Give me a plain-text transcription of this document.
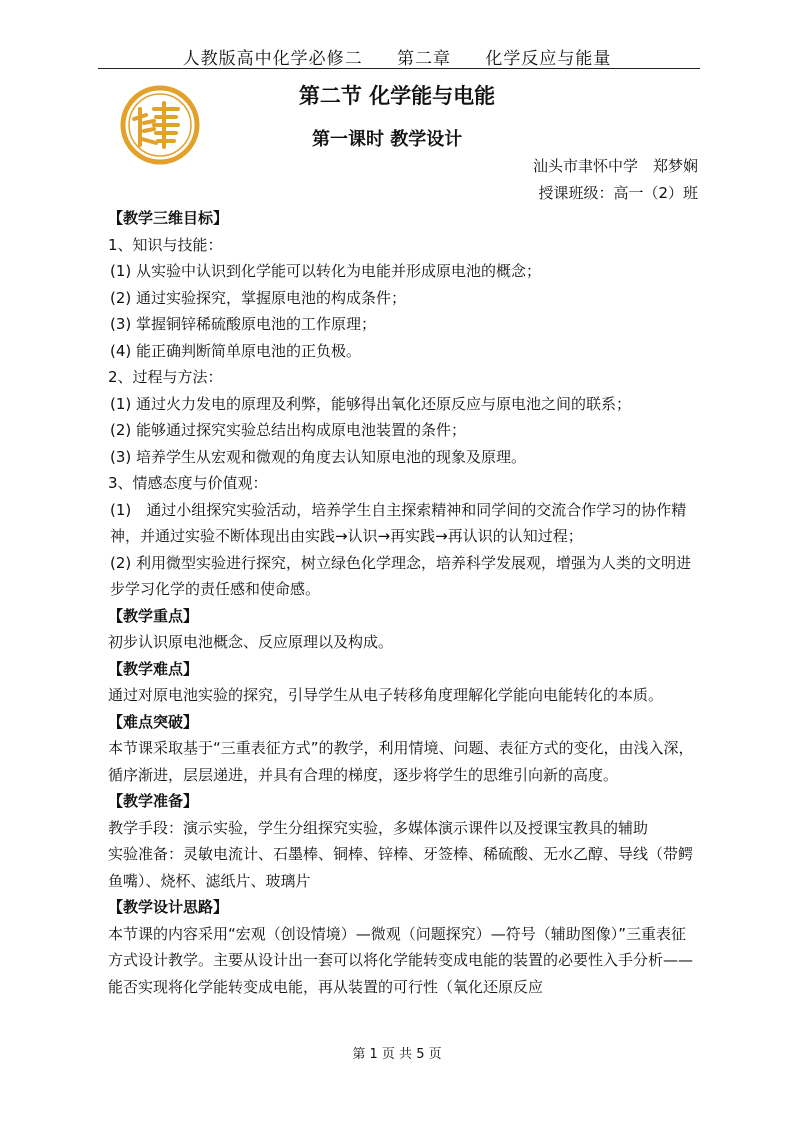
人教版高中化学必修二 第二章 化学反应与能量
第二节 化学能与电能
第一课时 教学设计
汕头市聿怀中学　郑梦娴
授课班级：高一（2）班

【教学三维目标】

1、知识与技能：

(1) 从实验中认识到化学能可以转化为电能并形成原电池的概念；

(2) 通过实验探究，掌握原电池的构成条件；

(3) 掌握铜锌稀硫酸原电池的工作原理；

(4) 能正确判断简单原电池的正负极。

2、过程与方法：

(1) 通过火力发电的原理及利弊，能够得出氧化还原反应与原电池之间的联系；

(2) 能够通过探究实验总结出构成原电池装置的条件；

(3) 培养学生从宏观和微观的角度去认知原电池的现象及原理。

3、情感态度与价值观：

(1)　通过小组探究实验活动，培养学生自主探索精神和同学间的交流合作学习的协作精神，并通过实验不断体现出由实践→认识→再实践→再认识的认知过程；

(2) 利用微型实验进行探究，树立绿色化学理念，培养科学发展观，增强为人类的文明进步学习化学的责任感和使命感。

【教学重点】

初步认识原电池概念、反应原理以及构成。

【教学难点】

通过对原电池实验的探究，引导学生从电子转移角度理解化学能向电能转化的本质。

【难点突破】

本节课采取基于“三重表征方式”的教学，利用情境、问题、表征方式的变化，由浅入深，循序渐进，层层递进，并具有合理的梯度，逐步将学生的思维引向新的高度。

【教学准备】

教学手段：演示实验，学生分组探究实验，多媒体演示课件以及授课宝教具的辅助

实验准备：灵敏电流计、石墨棒、铜棒、锌棒、牙签棒、稀硫酸、无水乙醇、导线（带鳄鱼嘴）、烧杯、滤纸片、玻璃片

【教学设计思路】

本节课的内容采用“宏观（创设情境）—微观（问题探究）—符号（辅助图像）”三重表征方式设计教学。主要从设计出一套可以将化学能转变成电能的装置的必要性入手分析——能否实现将化学能转变成电能，再从装置的可行性（氧化还原反应

第 1 页 共 5 页
